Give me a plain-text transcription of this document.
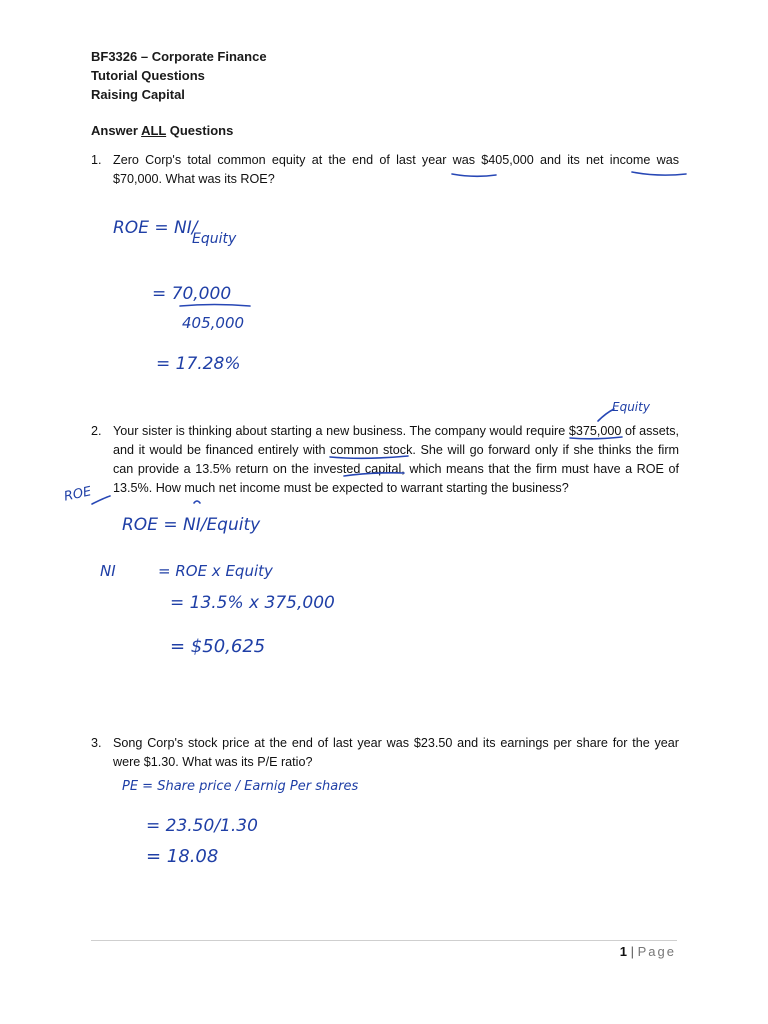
BF3326 – Corporate Finance
Tutorial Questions
Raising Capital
Answer ALL Questions
1. Zero Corp's total common equity at the end of last year was $405,000 and its net income was $70,000. What was its ROE?
ROE = NI/
Equity
= 70,000
405,000
= 17.28%
Equity
2. Your sister is thinking about starting a new business. The company would require $375,000 of assets, and it would be financed entirely with common stock. She will go forward only if she thinks the firm can provide a 13.5% return on the invested capital, which means that the firm must have a ROE of 13.5%. How much net income must be expected to warrant starting the business?
ROE
ROE = NI/Equity
NI	= ROE x Equity
= 13.5% x 375,000
= $50,625
3. Song Corp's stock price at the end of last year was $23.50 and its earnings per share for the year were $1.30. What was its P/E ratio?
PE = Share price / Earnig Per shares
= 23.50/1.30
= 18.08
1 | Page
